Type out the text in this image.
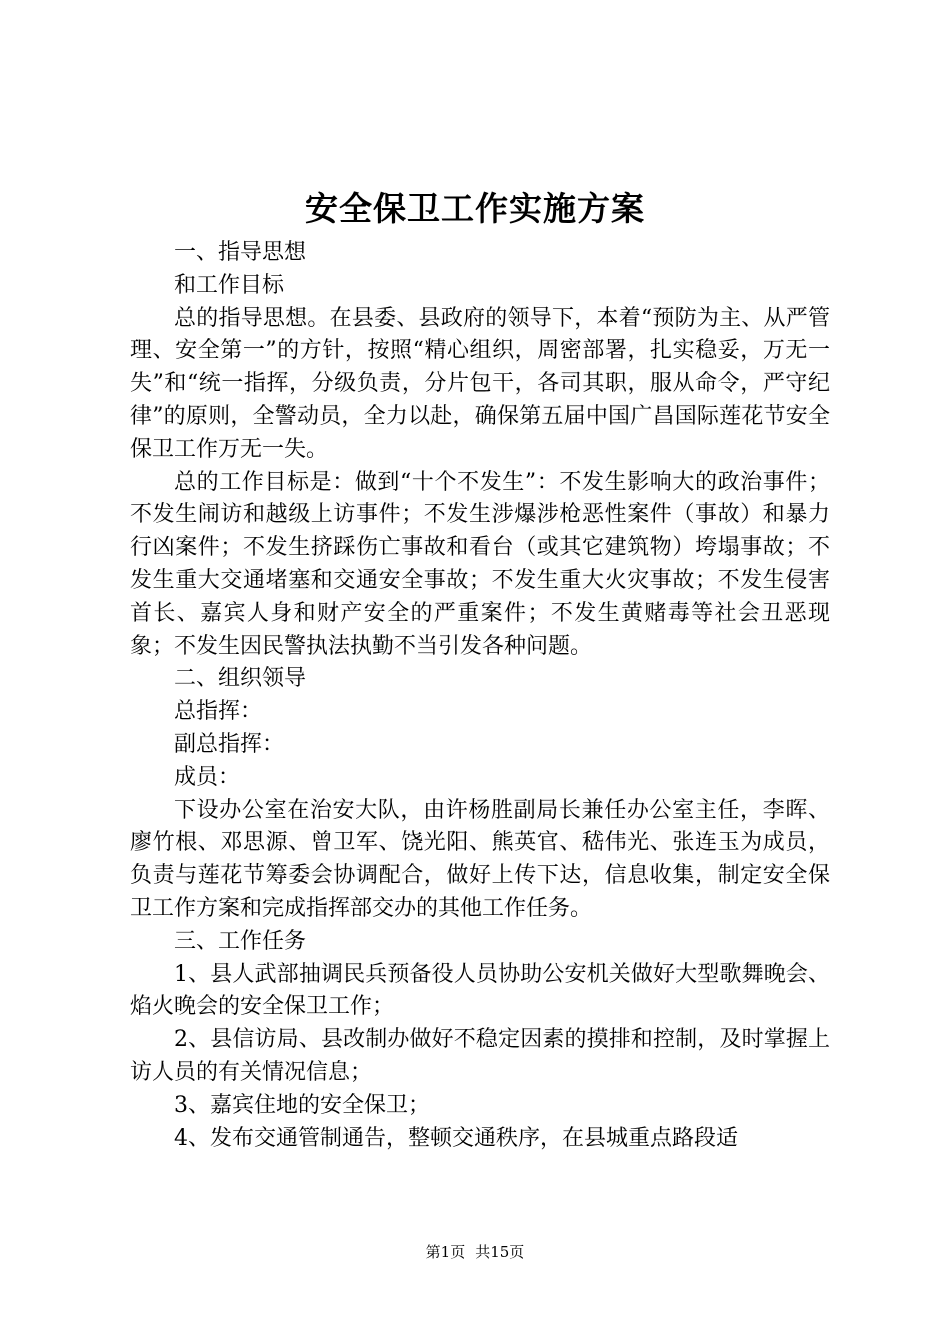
安全保卫工作实施方案

一、指导思想

和工作目标

总的指导思想。在县委、县政府的领导下，本着“预防为主、从严管理、安全第一”的方针，按照“精心组织，周密部署，扎实稳妥，万无一失”和“统一指挥，分级负责，分片包干，各司其职，服从命令，严守纪律”的原则，全警动员，全力以赴，确保第五届中国广昌国际莲花节安全保卫工作万无一失。

总的工作目标是：做到“十个不发生”：不发生影响大的政治事件；不发生闹访和越级上访事件；不发生涉爆涉枪恶性案件（事故）和暴力行凶案件；不发生挤踩伤亡事故和看台（或其它建筑物）垮塌事故；不发生重大交通堵塞和交通安全事故；不发生重大火灾事故；不发生侵害首长、嘉宾人身和财产安全的严重案件；不发生黄赌毒等社会丑恶现象；不发生因民警执法执勤不当引发各种问题。

二、组织领导

总指挥：

副总指挥：

成员：

下设办公室在治安大队，由许杨胜副局长兼任办公室主任，李晖、廖竹根、邓思源、曾卫军、饶光阳、熊英官、嵇伟光、张连玉为成员，负责与莲花节筹委会协调配合，做好上传下达，信息收集，制定安全保卫工作方案和完成指挥部交办的其他工作任务。

三、工作任务

1、县人武部抽调民兵预备役人员协助公安机关做好大型歌舞晚会、焰火晚会的安全保卫工作；

2、县信访局、县改制办做好不稳定因素的摸排和控制，及时掌握上访人员的有关情况信息；

3、嘉宾住地的安全保卫；

4、发布交通管制通告，整顿交通秩序，在县城重点路段适

第1页 共15页
